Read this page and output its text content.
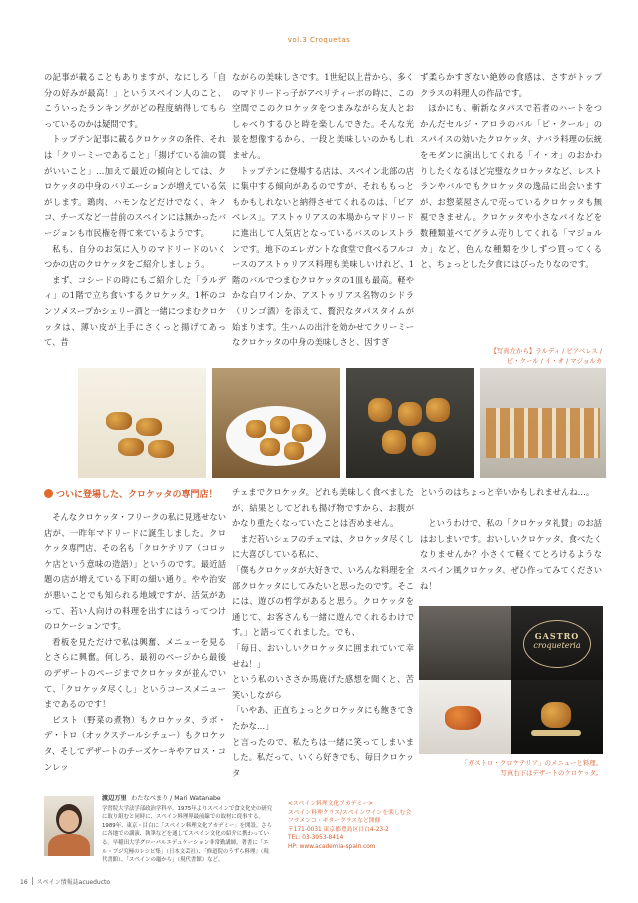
vol.3 Croquetas

の記事が載ることもありますが、なにしろ「自分の好みが最高！」というスペイン人のこと、こういったランキングがどの程度納得してもらっているのかは疑問です。

トップテン記事に載るクロケッタの条件、それは「クリーミーであること」「揚げている油の質がいいこと」…加えて最近の傾向としては、クロケッタの中身のバリエーションが増えている気がします。鶏肉、ハモンなどだけでなく、キノコ、チーズなど一昔前のスペインには無かったバージョンも市民権を得て来ているようです。

私も、自分のお気に入りのマドリードのいくつかの店のクロケッタをご紹介しましょう。

まず、コシードの時にもご紹介した「ラルディ」の1階で立ち食いするクロケッタ。1杯のコンソメスープかシェリー酒と一緒につまむクロケッタは、薄い皮が上手にさくっと揚げてあって、昔

ながらの美味しさです。1世紀以上昔から、多くのマドリードっ子がアペリティーボの時に、この空間でこのクロケッタをつまみながら友人とおしゃべりするひと時を楽しんできた。そんな光景を想像するから、一段と美味しいのかもしれません。

トップテンに登場する店は、スペイン北部の店に集中する傾向があるのですが、それももっともかもしれないと納得させてくれるのは、「ビアベレス」。アストゥリアスの本場からマドリードに進出して人気店となっているバスのレストランです。地下のエレガントな食堂で食べるフルコースのアストゥリアス料理も美味しいけれど、1階のバルでつまむクロケッタの1皿も最高。軽やかな白ワインか、アストゥリアス名物のシドラ（リンゴ酒）を添えて、贅沢なタパスタイムが始まります。生ハムの出汁を効かせてクリーミーなクロケッタの中身の美味しさと、因すぎ

ず柔らかすぎない絶妙の食感は、さすがトップクラスの料理人の作品です。

ほかにも、斬新なタパスで若者のハートをつかんだセルジ・アロラのバル「ピ・クール」のスパイスの効いたクロケッタ、ナバラ料理の伝統をモダンに演出してくれる「イ・オ」のおかわりしたくなるほど完璧なクロケッタなど、レストランやバルでもクロケッタの逸品に出会いますが、お惣菜屋さんで売っているクロケッタも無視できません。クロケッタや小さなパイなどを数種類並べてグラム売りしてくれる「マジョルカ」など、色んな種類を少しずつ買ってくると、ちょっとした夕食にはぴったりなのです。

【写真左から】ラルディ / ビアベレス /
ピ・クール / イ・オ / マジョルカ
ついに登場した、クロケッタの専門店！

そんなクロケッタ・フリークの私に見逃せない店が、一昨年マドリードに誕生しました。クロケッタ専門店、その名も「クロケテリア（コロッケ店という意味の造語）」というのです。最近話題の店が増えている下町の細い通り。やや治安が悪いことでも知られる地域ですが、活気があって、若い人向けの料理を出すにはうってつけのロケーションです。

看板を見ただけで私は興奮、メニューを見るとさらに興奮。何しろ、最初のページから最後のデザートのページまでクロケッタが並んでいて、「クロケッタ尽くし」というコースメニューまであるのです！

ピスト（野菜の煮物）もクロケッタ、ラボ・デ・トロ（オックステールシチュー）もクロケッタ、そしてデザートのチーズケーキやアロス・コンレッ

チェまでクロケッタ。どれも美味しく食べましたが、結果としてどれも揚げ物ですから、お腹がかなり重たくなっていたことは否めません。

まだ若いシェフのチェマは、クロケッタ尽くしに大喜びしている私に、

「僕もクロケッタが大好きで、いろんな料理を全部クロケッタにしてみたいと思ったのです。そこには、遊びの哲学があると思う。クロケッタを通じて、お客さんも一緒に遊んでくれるわけです。」と語ってくれました。でも、

「毎日、おいしいクロケッタに囲まれていて幸せね！」

という私のいささか馬鹿げた感想を聞くと、苦笑いしながら

「いやあ、正直ちょっとクロケッタにも飽きてきたかな…」

と言ったので、私たちは一緒に笑ってしまいました。私だって、いくら好きでも、毎日クロケッタ

というのはちょっと辛いかもしれませんね…。

というわけで、私の「クロケッタ礼賛」のお話はおしまいです。おいしいクロケッタ、食べたくなりませんか？小さくて軽くてとろけるようなスペイン風クロケッタ、ぜひ作ってみてくださいね！

GASTRO
croqueteria
「ガストロ・クロケテリア」のメニューと料理。
写真右下はデザートのクロケッタ。
渡辺万里 わたなべまり / Mari Watanabe
学習院大学法学部政治学科卒。1975年よりスペインで食文化史の研究に取り組むと同時に、スペイン料理界最前線での取材に従事する。1989年、東京・目白に「スペイン料理文化アカデミー」を開設。さらに各地での講演、執筆などを通してスペイン文化の紹介に携わっている。早稲田大学グローバルエデュケーション非常勤講師。著書に「エル・ブジ究極のレシピ集」（日本文芸社）、「修道院のうずら料理」（現代書館）、「スペインの竈から」（現代書館）など。
<スペイン料理文化アカデミー>
スペイン料理クラス/スペインワインを楽しむ会
フラメンコ・ギタークラスなど開催
〒171-0031 東京都豊島区目白4-23-2
TEL: 03-3953-8414
HP: www.academia-spain.com
16 スペイン情報誌acueducto
